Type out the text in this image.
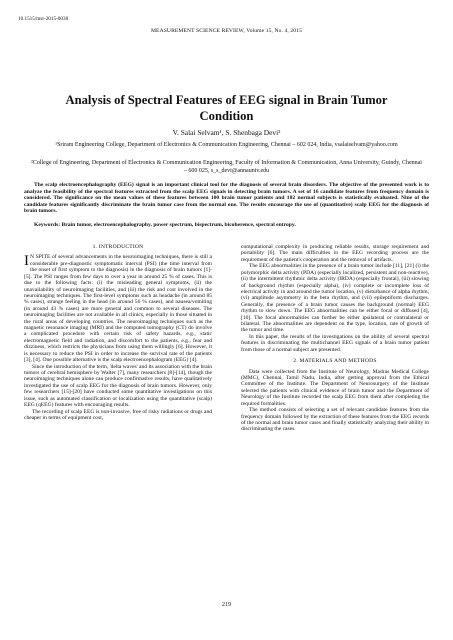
10.1515/msr-2015-0030
MEASUREMENT SCIENCE REVIEW, Volume 15, No. 4, 2015
Analysis of Spectral Features of EEG signal in Brain Tumor Condition
V. Salai Selvam¹, S. Shenbaga Devi²
¹Sriram Engineering College, Department of Electronics & Communication Engineering, Chennai – 602 024, India, vsalaiselvam@yahoo.com
²College of Engineering, Department of Electronics & Communication Engineering, Faculty of Information & Communication, Anna University, Guindy, Chennai – 600 025, s_s_devi@annauniv.edu

The scalp electroencephalography (EEG) signal is an important clinical tool for the diagnosis of several brain disorders. The objective of the presented work is to analyze the feasibility of the spectral features extracted from the scalp EEG signals in detecting brain tumors. A set of 16 candidate features from frequency domain is considered. The significance on the mean values of these features between 100 brain tumor patients and 102 normal subjects is statistically evaluated. Nine of the candidate features significantly discriminate the brain tumor case from the normal one. The results encourage the use of (quantitative) scalp EEG for the diagnosis of brain tumors.

Keywords: Brain tumor, electroencephalography, power spectrum, bispectrum, bicoherence, spectral entropy.

1. INTRODUCTION

I N SPITE of several advancements in the neuroimaging techniques, there is still a considerable pre-diagnostic symptomatic interval (PSI) (the time interval from the onset of first symptom to the diagnosis) in the diagnosis of brain tumors [1]-[5]. The PSI ranges from few days to over a year in around 25 % of cases. This is due to the following facts: (i) the misleading general symptoms, (ii) the unavailability of neuroimaging facilities, and (iii) the risk and cost involved in the neuroimaging techniques. The first-level symptoms such as headache (in around 85 % cases), strange feeling in the head (in around 56 % cases), and nausea/vomiting (in around 43 % cases) are more general and common to several diseases. The neuroimaging facilities are not available in all clinics, especially in those situated in the rural areas of developing countries. The neuroimaging techniques such as the magnetic resonance imaging (MRI) and the computed tomography (CT) do involve a complicated procedure with certain risk of safety hazards, e.g., static electromagnetic field and radiation, and discomfort to the patients, e.g., fear and dizziness, which restricts the physicians from using them willingly [6]. However, it is necessary to reduce the PSI in order to increase the survival rate of the patients [3], [4]. One possible alternative is the scalp electroencephalogram (EEG) [4].

Since the introduction of the term, 'delta waves' and its association with the brain tumors of cerebral hemisphere by Walter [7], many researchers [8]-[14], though the neuroimaging techniques alone can produce confirmative results, have qualitatively investigated the use of scalp EEG for the diagnosis of brain tumors. However, only few researchers [15]-[20] have conducted some quantitative investigations on this issue, such as automated classification or localization using the quantitative (scalp) EEG (qEEG) features with encouraging results.

The recording of scalp EEG is non-invasive, free of risky radiations or drugs and cheaper in terms of equipment cost,

computational complexity in producing reliable results, storage requirement and portability [6]. The main difficulties in the EEG recording process are the requirement of the patient's cooperation and the removal of artifacts.

The EEG abnormalities in the presence of a brain tumor include [11], [21] (i) the polymorphic delta activity (PDA) (especially localized, persistent and non-reactive), (ii) the intermittent rhythmic delta activity (IRDA) (especially frontal), (iii) slowing of background rhythm (especially alpha), (iv) complete or incomplete loss of electrical activity in and around the tumor location, (v) disturbance of alpha rhythm, (vi) amplitude asymmetry in the beta rhythm, and (vii) epileptiform discharges. Generally, the presence of a brain tumor causes the background (normal) EEG rhythm to slow down. The EEG abnormalities can be either focal or diffused [4], [10]. The focal abnormalities can further be either ipsilateral or contralateral or bilateral. The abnormalities are dependent on the type, location, rate of growth of the tumor and time.

In this paper, the results of the investigations on the ability of several spectral features in discriminating the multichannel EEG signals of a brain tumor patient from those of a normal subject are presented.

2. MATERIALS AND METHODS

Data were collected from the Institute of Neurology, Madras Medical College (MMC), Chennai, Tamil Nadu, India, after getting approval from the Ethical Committee of the Institute. The Department of Neurosurgery of the Institute selected the patients with clinical evidence of brain tumor and the Department of Neurology of the Institute recorded the scalp EEG from them after completing the required formalities.

The method consists of selecting a set of relevant candidate features from the frequency domain followed by the extraction of these features from the EEG records of the normal and brain tumor cases and finally statistically analyzing their ability in discriminating the cases.

219
